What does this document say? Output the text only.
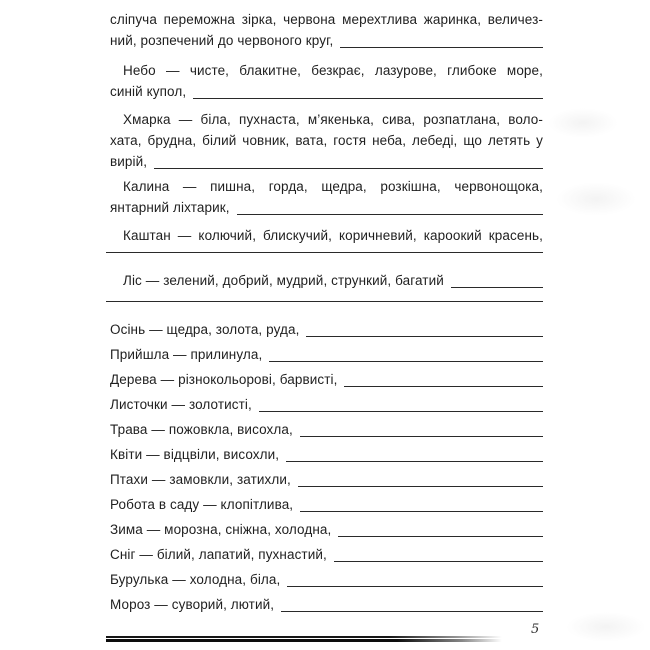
сліпуча переможна зірка, червона мерехтлива жаринка, величез-
ний, розпечений до червоного круг,
Небо — чисте, блакитне, безкрає, лазурове, глибоке море,
синій купол,
Хмарка — біла, пухнаста, м’якенька, сива, розпатлана, воло-
хата, брудна, білий човник, вата, гостя неба, лебеді, що летять у
вирій,
Калина — пишна, горда, щедра, розкішна, червонощока,
янтарний ліхтарик,
Каштан — колючий, блискучий, коричневий, кароокий красень,
Ліс — зелений, добрий, мудрий, стрункий, багатий
Осінь — щедра, золота, руда,
Прийшла — прилинула,
Дерева — різнокольорові, барвисті,
Листочки — золотисті,
Трава — пожовкла, висохла,
Квіти — відцвіли, висохли,
Птахи — замовкли, затихли,
Робота в саду — клопітлива,
Зима — морозна, сніжна, холодна,
Сніг — білий, лапатий, пухнастий,
Бурулька — холодна, біла,
Мороз — суворий, лютий,
5
